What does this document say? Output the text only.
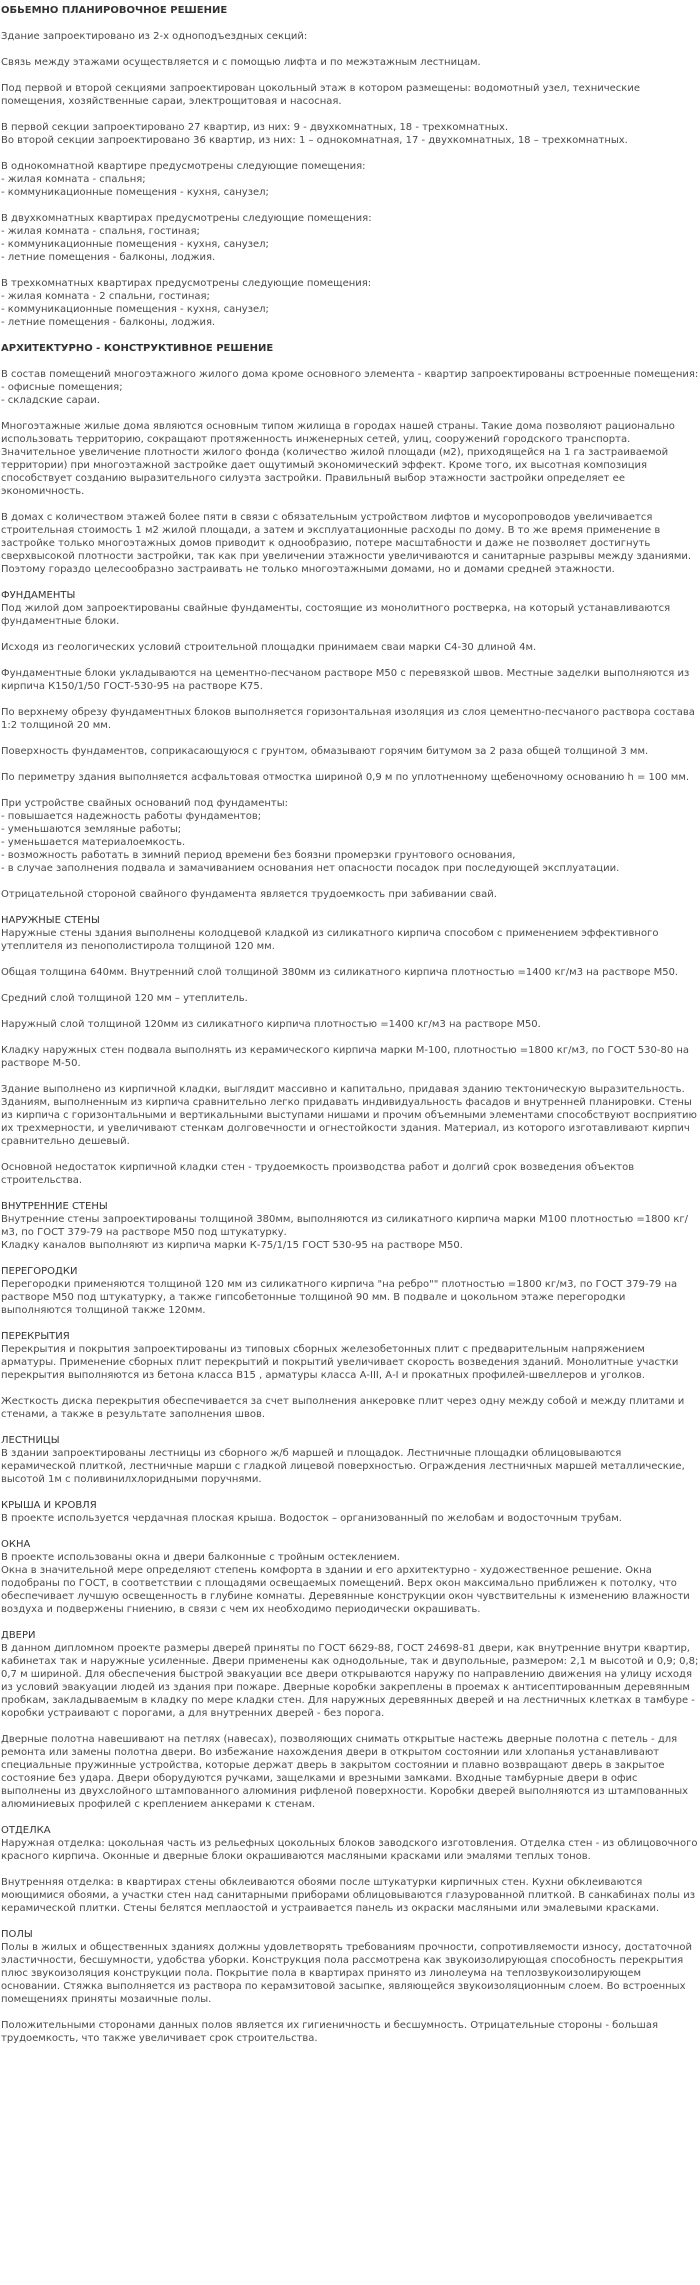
ОБЬЕМНО ПЛАНИРОВОЧНОЕ РЕШЕНИЕ

Здание запроектировано из 2-х одноподъездных секций:

Связь между этажами осуществляется и с помощью лифта и по межэтажным лестницам.

Под первой и второй секциями запроектирован цокольный этаж в котором размещены: водомотный узел, технические помещения, хозяйственные сараи, электрощитовая и насосная.

В первой секции запроектировано 27 квартир, из них: 9 - двухкомнатных, 18 - трехкомнатных.
Во второй секции запроектировано 36 квартир, из них: 1 – однокомнатная, 17 - двухкомнатных, 18 – трехкомнатных.

В однокомнатной квартире предусмотрены следующие помещения:
- жилая комната - спальня;
- коммуникационные помещения - кухня, санузел;

В двухкомнатных квартирах предусмотрены следующие помещения:
- жилая комната - спальня, гостиная;
- коммуникационные помещения - кухня, санузел;
- летние помещения - балконы, лоджия.

В трехкомнатных квартирах предусмотрены следующие помещения:
- жилая комната - 2 спальни, гостиная;
- коммуникационные помещения - кухня, санузел;
- летние помещения - балконы, лоджия.

АРХИТЕКТУРНО - КОНСТРУКТИВНОЕ РЕШЕНИЕ

В состав помещений многоэтажного жилого дома кроме основного элемента - квартир запроектированы встроенные помещения:
- офисные помещения;
- складские сараи.

Многоэтажные жилые дома являются основным типом жилища в городах нашей страны. Такие дома позволяют рационально использовать территорию, сокращают протяженность инженерных сетей, улиц, сооружений городского транспорта. Значительное увеличение плотности жилого фонда (количество жилой площади (м2), приходящейся на 1 га застраиваемой территории) при многоэтажной застройке дает ощутимый экономический эффект. Кроме того, их высотная композиция способствует созданию выразительного силуэта застройки. Правильный выбор этажности застройки определяет ее экономичность.

В домах с количеством этажей более пяти в связи с обязательным устройством лифтов и мусоропроводов увеличивается строительная стоимость 1 м2 жилой площади, а затем и эксплуатационные расходы по дому. В то же время применение в застройке только многоэтажных домов приводит к однообразию, потере масштабности и даже не позволяет достигнуть сверхвысокой плотности застройки, так как при увеличении этажности увеличиваются и санитарные разрывы между зданиями. Поэтому гораздо целесообразно застраивать не только многоэтажными домами, но и домами средней этажности.

ФУНДАМЕНТЫ

Под жилой дом запроектированы свайные фундаменты, состоящие из монолитного ростверка, на который устанавливаются фундаментные блоки.

Исходя из геологических условий строительной площадки принимаем сваи марки С4-30 длиной 4м.

Фундаментные блоки укладываются на цементно-песчаном растворе М50 с перевязкой швов. Местные заделки выполняются из кирпича К150/1/50 ГОСТ-530-95 на растворе К75.

По верхнему обрезу фундаментных блоков выполняется горизонтальная изоляция из слоя цементно-песчаного раствора состава 1:2 толщиной 20 мм.

Поверхность фундаментов, соприкасающуюся с грунтом, обмазывают горячим битумом за 2 раза общей толщиной 3 мм.

По периметру здания выполняется асфальтовая отмостка шириной 0,9 м по уплотненному щебеночному основанию h = 100 мм.

При устройстве свайных оснований под фундаменты:
- повышается надежность работы фундаментов;
- уменьшаются земляные работы;
- уменьшается материалоемкость.
- возможность работать в зимний период времени без боязни промерзки грунтового основания,
- в случае заполнения подвала и замачиванием основания нет опасности посадок при последующей эксплуатации.

Отрицательной стороной свайного фундамента является трудоемкость при забивании свай.

НАРУЖНЫЕ СТЕНЫ

Наружные стены здания выполнены колодцевой кладкой из силикатного кирпича способом с применением эффективного утеплителя из пенополистирола толщиной 120 мм.

Общая толщина 640мм. Внутренний слой толщиной 380мм из силикатного кирпича плотностью =1400 кг/м3 на растворе М50.

Средний слой толщиной 120 мм – утеплитель.

Наружный слой толщиной 120мм из силикатного кирпича плотностью =1400 кг/м3 на растворе М50.

Кладку наружных стен подвала выполнять из керамического кирпича марки М-100, плотностью =1800 кг/м3, по ГОСТ 530-80 на растворе М-50.

Здание выполнено из кирпичной кладки, выглядит массивно и капитально, придавая зданию тектоническую выразительность. Зданиям, выполненным из кирпича сравнительно легко придавать индивидуальность фасадов и внутренней планировки. Стены из кирпича с горизонтальными и вертикальными выступами нишами и прочим объемными элементами способствуют восприятию их трехмерности, и увеличивают стенкам долговечности и огнестойкости здания. Материал, из которого изготавливают кирпич сравнительно дешевый.

Основной недостаток кирпичной кладки стен - трудоемкость производства работ и долгий срок возведения объектов строительства.

ВНУТРЕННИЕ СТЕНЫ

Внутренние стены запроектированы толщиной 380мм, выполняются из силикатного кирпича марки М100 плотностью =1800 кг/м3, по ГОСТ 379-79 на растворе М50 под штукатурку.
Кладку каналов выполняют из кирпича марки К-75/1/15 ГОСТ 530-95 на растворе М50.

ПЕРЕГОРОДКИ

Перегородки применяются толщиной 120 мм из силикатного кирпича "на ребро"" плотностью =1800 кг/м3, по ГОСТ 379-79 на растворе М50 под штукатурку, а также гипсобетонные толщиной 90 мм. В подвале и цокольном этаже перегородки выполняются толщиной также 120мм.

ПЕРЕКРЫТИЯ

Перекрытия и покрытия запроектированы из типовых сборных железобетонных плит с предварительным напряжением арматуры. Применение сборных плит перекрытий и покрытий увеличивает скорость возведения зданий. Монолитные участки перекрытия выполняются из бетона класса В15 , арматуры класса А-III, А-I и прокатных профилей-швеллеров и уголков.

Жесткость диска перекрытия обеспечивается за счет выполнения анкеровке плит через одну между собой и между плитами и стенами, а также в результате заполнения швов.

ЛЕСТНИЦЫ

В здании запроектированы лестницы из сборного ж/б маршей и площадок. Лестничные площадки облицовываются керамической плиткой, лестничные марши с гладкой лицевой поверхностью. Ограждения лестничных маршей металлические, высотой 1м с поливинилхлоридными поручнями.

КРЫША И КРОВЛЯ

В проекте используется чердачная плоская крыша. Водосток – организованный по желобам и водосточным трубам.

ОКНА

В проекте использованы окна и двери балконные с тройным остеклением.
Окна в значительной мере определяют степень комфорта в здании и его архитектурно - художественное решение. Окна подобраны по ГОСТ, в соответствии с площадями освещаемых помещений. Верх окон максимально приближен к потолку, что обеспечивает лучшую освещенность в глубине комнаты. Деревянные конструкции окон чувствительны к изменению влажности воздуха и подвержены гниению, в связи с чем их необходимо периодически окрашивать.

ДВЕРИ

В данном дипломном проекте размеры дверей приняты по ГОСТ 6629-88, ГОСТ 24698-81 двери, как внутренние внутри квартир, кабинетах так и наружные усиленные. Двери применены как однодольные, так и двупольные, размером: 2,1 м высотой и 0,9; 0,8; 0,7 м шириной. Для обеспечения быстрой эвакуации все двери открываются наружу по направлению движения на улицу исходя из условий эвакуации людей из здания при пожаре. Дверные коробки закреплены в проемах к антисептированным деревянным пробкам, закладываемым в кладку по мере кладки стен. Для наружных деревянных дверей и на лестничных клетках в тамбуре - коробки устраивают с порогами, а для внутренних дверей - без порога.

Дверные полотна навешивают на петлях (навесах), позволяющих снимать открытые настежь дверные полотна с петель - для ремонта или замены полотна двери. Во избежание нахождения двери в открытом состоянии или хлопанья устанавливают специальные пружинные устройства, которые держат дверь в закрытом состоянии и плавно возвращают дверь в закрытое состояние без удара. Двери оборудуются ручками, защелками и врезными замками. Входные тамбурные двери в офис выполнены из двухслойного штампованного алюминия рифленой поверхности. Коробки дверей выполняются из штампованных алюминиевых профилей с креплением анкерами к стенам.

ОТДЕЛКА

Наружная отделка: цокольная часть из рельефных цокольных блоков заводского изготовления. Отделка стен - из облицовочного красного кирпича. Оконные и дверные блоки окрашиваются масляными красками или эмалями теплых тонов.

Внутренняя отделка: в квартирах стены обклеиваются обоями после штукатурки кирпичных стен. Кухни обклеиваются моющимися обоями, а участки стен над санитарными приборами облицовываются глазурованной плиткой. В санкабинах полы из керамической плитки. Стены белятся меплаостой и устраивается панель из окраски масляными или эмалевыми красками.

ПОЛЫ

Полы в жилых и общественных зданиях должны удовлетворять требованиям прочности, сопротивляемости износу, достаточной эластичности, бесшумности, удобства уборки. Конструкция пола рассмотрена как звукоизолирующая способность перекрытия плюс звукоизоляция конструкции пола. Покрытие пола в квартирах принято из линолеума на теплозвукоизолирующем основании. Стяжка выполняется из раствора по керамзитовой засыпке, являющейся звукоизоляционным слоем. Во встроенных помещениях приняты мозаичные полы.

Положительными сторонами данных полов является их гигиеничность и бесшумность. Отрицательные стороны - большая трудоемкость, что также увеличивает срок строительства.
